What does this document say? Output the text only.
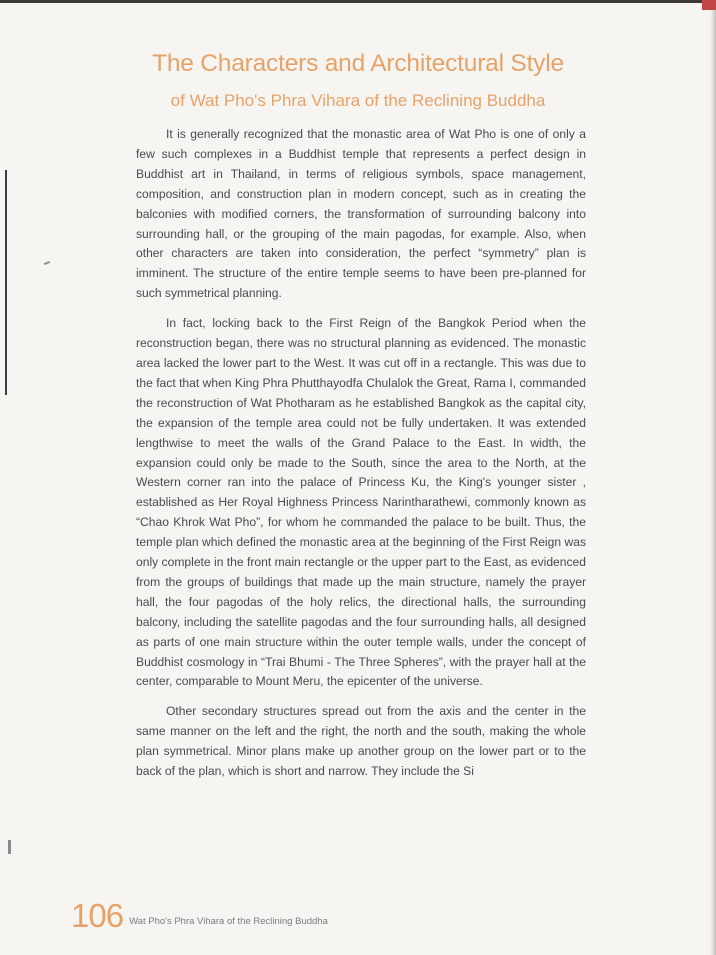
The Characters and Architectural Style
of Wat Pho's Phra Vihara of the Reclining Buddha

It is generally recognized that the monastic area of Wat Pho is one of only a few such complexes in a Buddhist temple that represents a perfect design in Buddhist art in Thailand, in terms of religious symbols, space management, composition, and construction plan in modern concept, such as in creating the balconies with modified corners, the transformation of surrounding balcony into surrounding hall, or the grouping of the main pagodas, for example. Also, when other characters are taken into consideration, the perfect “symmetry” plan is imminent. The structure of the entire temple seems to have been pre-planned for such symmetrical planning.

In fact, locking back to the First Reign of the Bangkok Period when the reconstruction began, there was no structural planning as evidenced. The monastic area lacked the lower part to the West. It was cut off in a rectangle. This was due to the fact that when King Phra Phutthayodfa Chulalok the Great, Rama I, commanded the reconstruction of Wat Photharam as he established Bangkok as the capital city, the expansion of the temple area could not be fully undertaken. It was extended lengthwise to meet the walls of the Grand Palace to the East. In width, the expansion could only be made to the South, since the area to the North, at the Western corner ran into the palace of Princess Ku, the King's younger sister , established as Her Royal Highness Princess Narintharathewi, commonly known as “Chao Khrok Wat Pho”, for whom he commanded the palace to be built. Thus, the temple plan which defined the monastic area at the beginning of the First Reign was only complete in the front main rectangle or the upper part to the East, as evidenced from the groups of buildings that made up the main structure, namely the prayer hall, the four pagodas of the holy relics, the directional halls, the surrounding balcony, including the satellite pagodas and the four surrounding halls, all designed as parts of one main structure within the outer temple walls, under the concept of Buddhist cosmology in “Trai Bhumi - The Three Spheres”, with the prayer hall at the center, comparable to Mount Meru, the epicenter of the universe.

Other secondary structures spread out from the axis and the center in the same manner on the left and the right, the north and the south, making the whole plan symmetrical. Minor plans make up another group on the lower part or to the back of the plan, which is short and narrow. They include the Si

106 Wat Pho's Phra Vihara of the Reclining Buddha
